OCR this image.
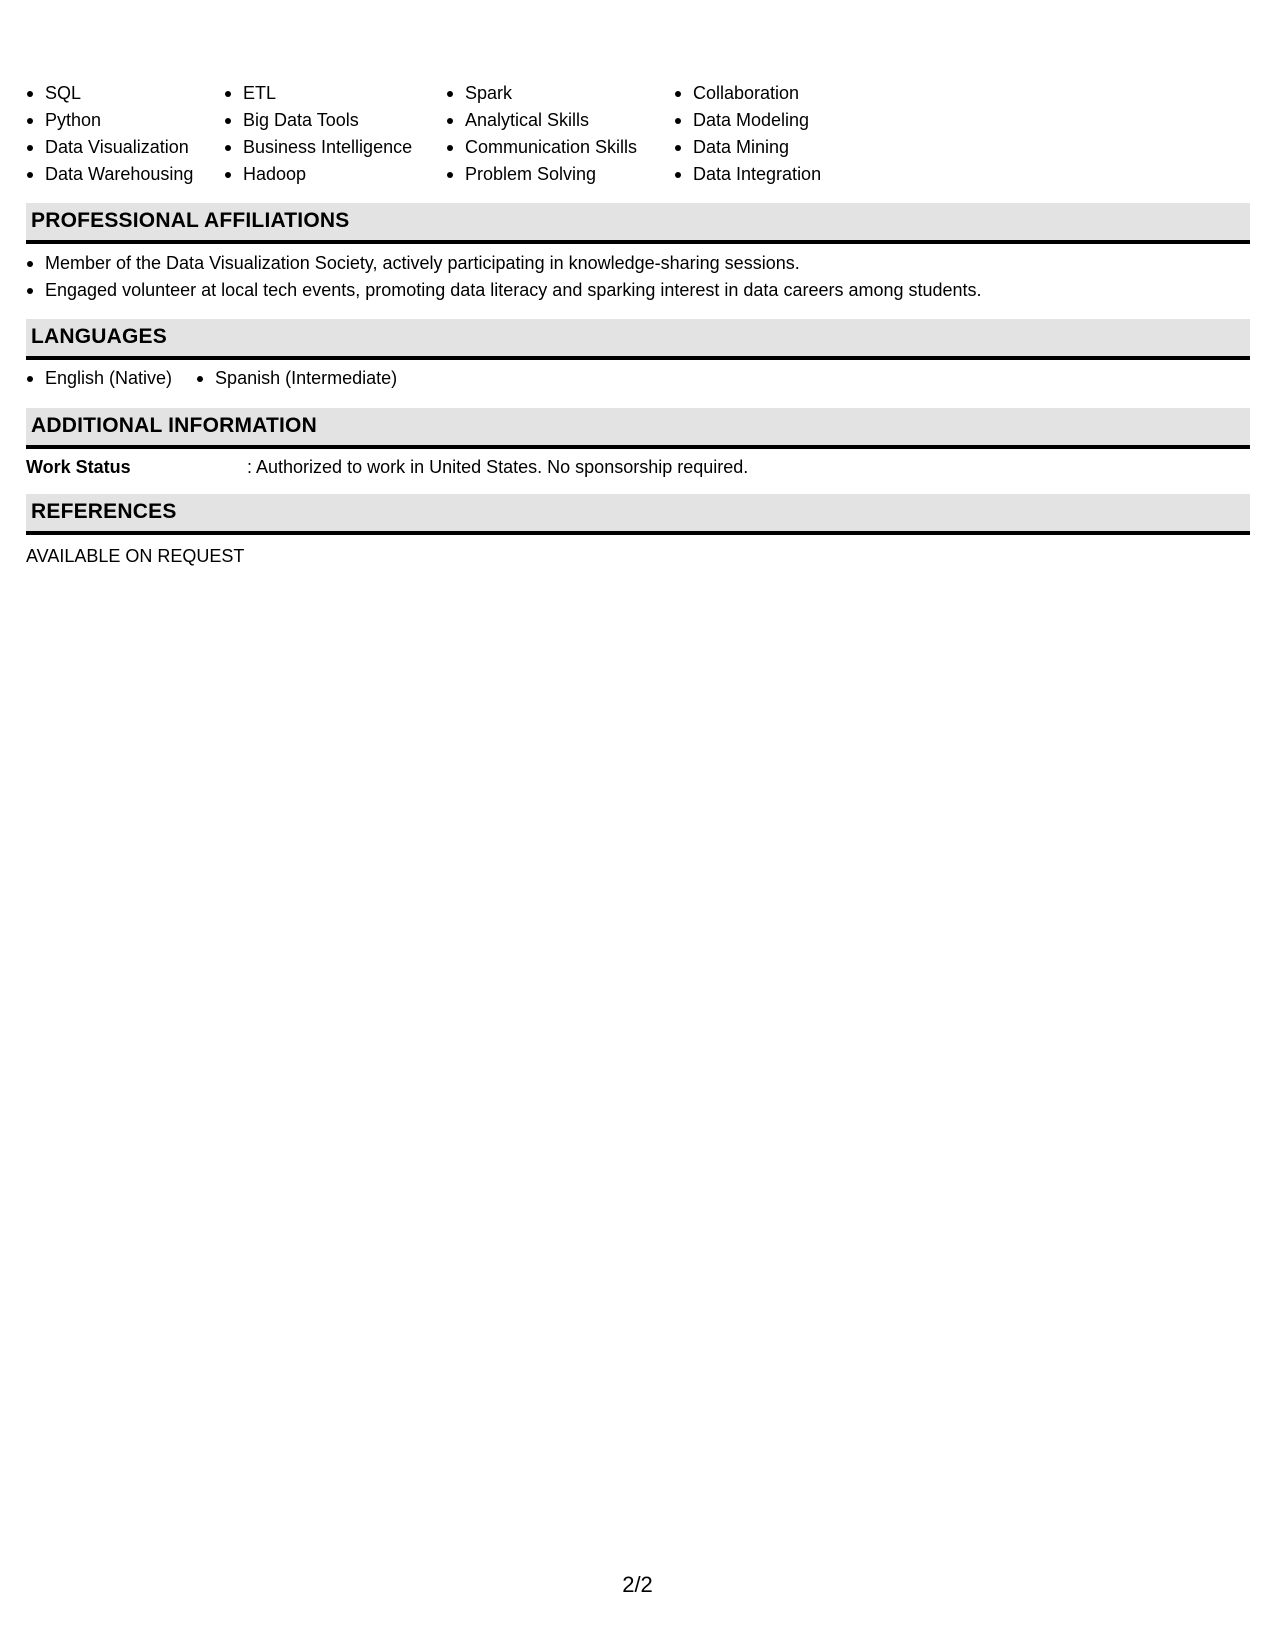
SQL
Python
Data Visualization
Data Warehousing
ETL
Big Data Tools
Business Intelligence
Hadoop
Spark
Analytical Skills
Communication Skills
Problem Solving
Collaboration
Data Modeling
Data Mining
Data Integration
PROFESSIONAL AFFILIATIONS
Member of the Data Visualization Society, actively participating in knowledge-sharing sessions.
Engaged volunteer at local tech events, promoting data literacy and sparking interest in data careers among students.
LANGUAGES
English (Native)	Spanish (Intermediate)
ADDITIONAL INFORMATION
Work Status	: Authorized to work in United States. No sponsorship required.
REFERENCES
AVAILABLE ON REQUEST
2/2
